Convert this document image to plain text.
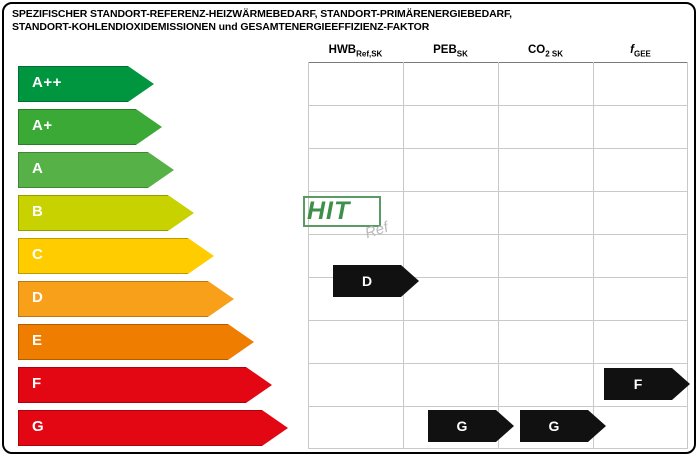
SPEZIFISCHER STANDORT-REFERENZ-HEIZWÄRMEBEDARF, STANDORT-PRIMÄRENERGIEBEDARF,
STANDORT-KOHLENDIOXIDEMISSIONEN und GESAMTENERGIEEFFIZIENZ-FAKTOR
$HWB_{Ref,SK}$	$PEB_{SK}$	$CO_{2 SK}$	$f_{GEE}$
A++
A+
A
B
C
D
E
F
G
D
G	G
F
HIT
Ref
